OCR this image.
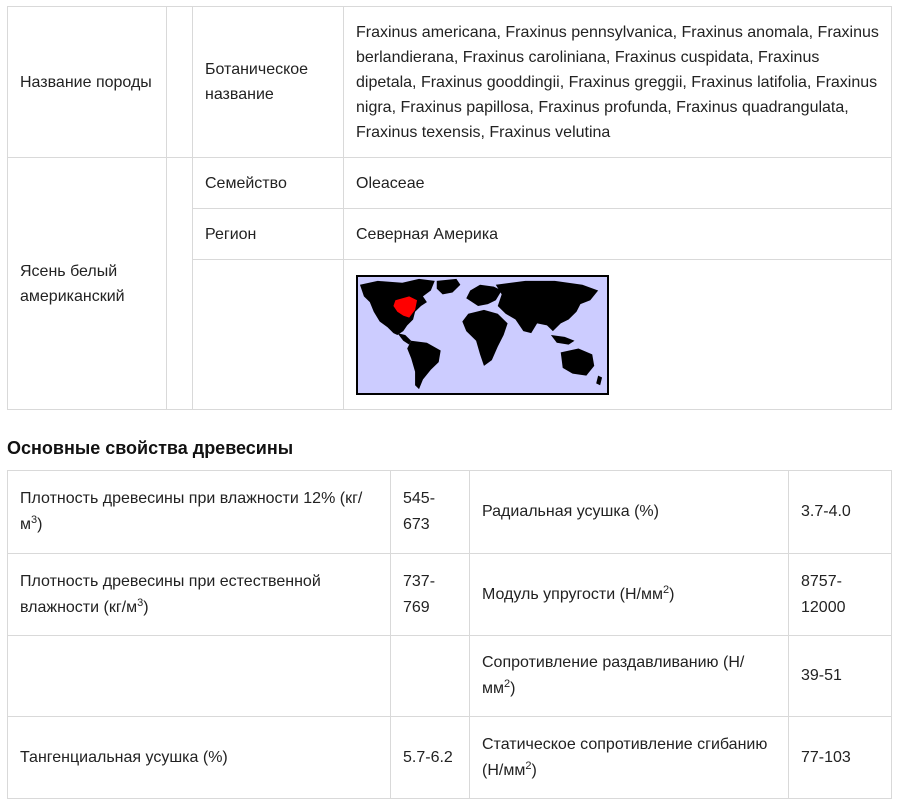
Название породы		Ботаническое название	Fraxinus americana, Fraxinus pennsylvanica, Fraxinus anomala, Fraxinus berlandierana, Fraxinus caroliniana, Fraxinus cuspidata, Fraxinus dipetala, Fraxinus gooddingii, Fraxinus greggii, Fraxinus latifolia, Fraxinus nigra, Fraxinus papillosa, Fraxinus profunda, Fraxinus quadrangulata, Fraxinus texensis, Fraxinus velutina
Ясень белый американский		Семейство	Oleaceae
		Регион	Северная Америка

Основные свойства древесины
Плотность древесины при влажности 12% $(кг/м^3)$	545-673	Радиальная усушка (%)	3.7-4.0
Плотность древесины при естественной влажности $(кг/м^3)$	737-769	Модуль упругости $(Н/мм^2)$	8757-12000
		Сопротивление раздавливанию $(Н/мм^2)$	39-51
Тангенциальная усушка (%)	5.7-6.2	Статическое сопротивление сгибанию $(Н/мм^2)$	77-103
